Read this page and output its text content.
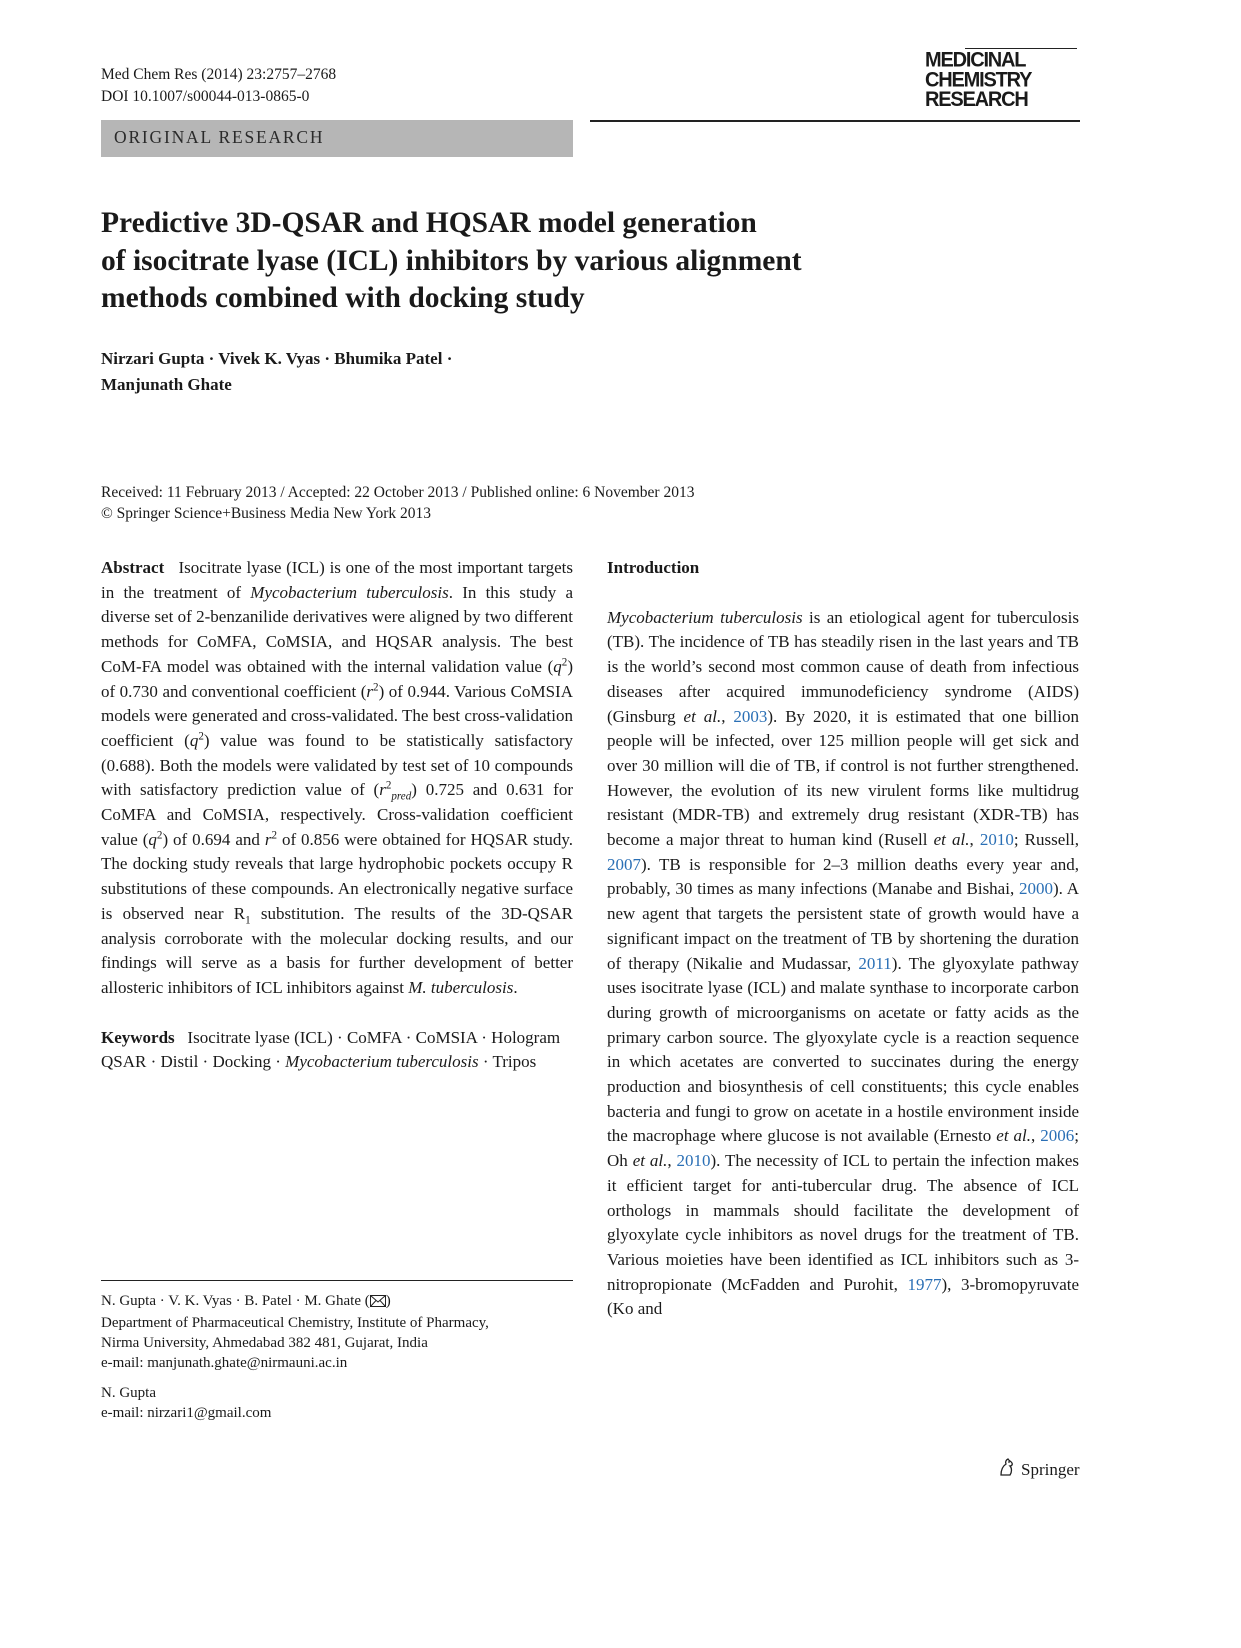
Med Chem Res (2014) 23:2757–2768
DOI 10.1007/s00044-013-0865-0
MEDICINAL
CHEMISTRY
RESEARCH
ORIGINAL RESEARCH
Predictive 3D-QSAR and HQSAR model generation
of isocitrate lyase (ICL) inhibitors by various alignment
methods combined with docking study
Nirzari Gupta · Vivek K. Vyas · Bhumika Patel ·
Manjunath Ghate
Received: 11 February 2013 / Accepted: 22 October 2013 / Published online: 6 November 2013
© Springer Science+Business Media New York 2013

Abstract Isocitrate lyase (ICL) is one of the most important targets in the treatment of Mycobacterium tuberculosis. In this study a diverse set of 2-benzanilide derivatives were aligned by two different methods for CoMFA, CoMSIA, and HQSAR analysis. The best CoM-FA model was obtained with the internal validation value $(q^2)$ of 0.730 and conventional coefficient $(r^2)$ of 0.944. Various CoMSIA models were generated and cross-validated. The best cross-validation coefficient $(q^2)$ value was found to be statistically satisfactory (0.688). Both the models were validated by test set of 10 compounds with satisfactory prediction value of $(r^2_{pred})$ 0.725 and 0.631 for CoMFA and CoMSIA, respectively. Cross-validation coefficient value $(q^2)$ of 0.694 and $r^2$ of 0.856 were obtained for HQSAR study. The docking study reveals that large hydrophobic pockets occupy R substitutions of these compounds. An electronically negative surface is observed near $R_1$ substitution. The results of the 3D-QSAR analysis corroborate with the molecular docking results, and our findings will serve as a basis for further development of better allosteric inhibitors of ICL inhibitors against M. tuberculosis.

Keywords Isocitrate lyase (ICL) · CoMFA · CoMSIA · Hologram QSAR · Distil · Docking · Mycobacterium tuberculosis · Tripos

N. Gupta · V. K. Vyas · B. Patel · M. Ghate ( )

Department of Pharmaceutical Chemistry, Institute of Pharmacy,

Nirma University, Ahmedabad 382 481, Gujarat, India

e-mail: manjunath.ghate@nirmauni.ac.in

N. Gupta

e-mail: nirzari1@gmail.com

Introduction

Mycobacterium tuberculosis is an etiological agent for tuberculosis (TB). The incidence of TB has steadily risen in the last years and TB is the world’s second most common cause of death from infectious diseases after acquired immunodeficiency syndrome (AIDS) (Ginsburg et al., 2003). By 2020, it is estimated that one billion people will be infected, over 125 million people will get sick and over 30 million will die of TB, if control is not further strengthened. However, the evolution of its new virulent forms like multidrug resistant (MDR-TB) and extremely drug resistant (XDR-TB) has become a major threat to human kind (Rusell et al., 2010; Russell, 2007). TB is responsible for 2–3 million deaths every year and, probably, 30 times as many infections (Manabe and Bishai, 2000). A new agent that targets the persistent state of growth would have a significant impact on the treatment of TB by shortening the duration of therapy (Nikalie and Mudassar, 2011). The glyoxylate pathway uses isocitrate lyase (ICL) and malate synthase to incorporate carbon during growth of microorganisms on acetate or fatty acids as the primary carbon source. The glyoxylate cycle is a reaction sequence in which acetates are converted to succinates during the energy production and biosynthesis of cell constituents; this cycle enables bacteria and fungi to grow on acetate in a hostile environment inside the macrophage where glucose is not available (Ernesto et al., 2006; Oh et al., 2010). The necessity of ICL to pertain the infection makes it efficient target for anti-tubercular drug. The absence of ICL orthologs in mammals should facilitate the development of glyoxylate cycle inhibitors as novel drugs for the treatment of TB. Various moieties have been identified as ICL inhibitors such as 3-nitropropionate (McFadden and Purohit, 1977), 3-bromopyruvate (Ko and

Springer
